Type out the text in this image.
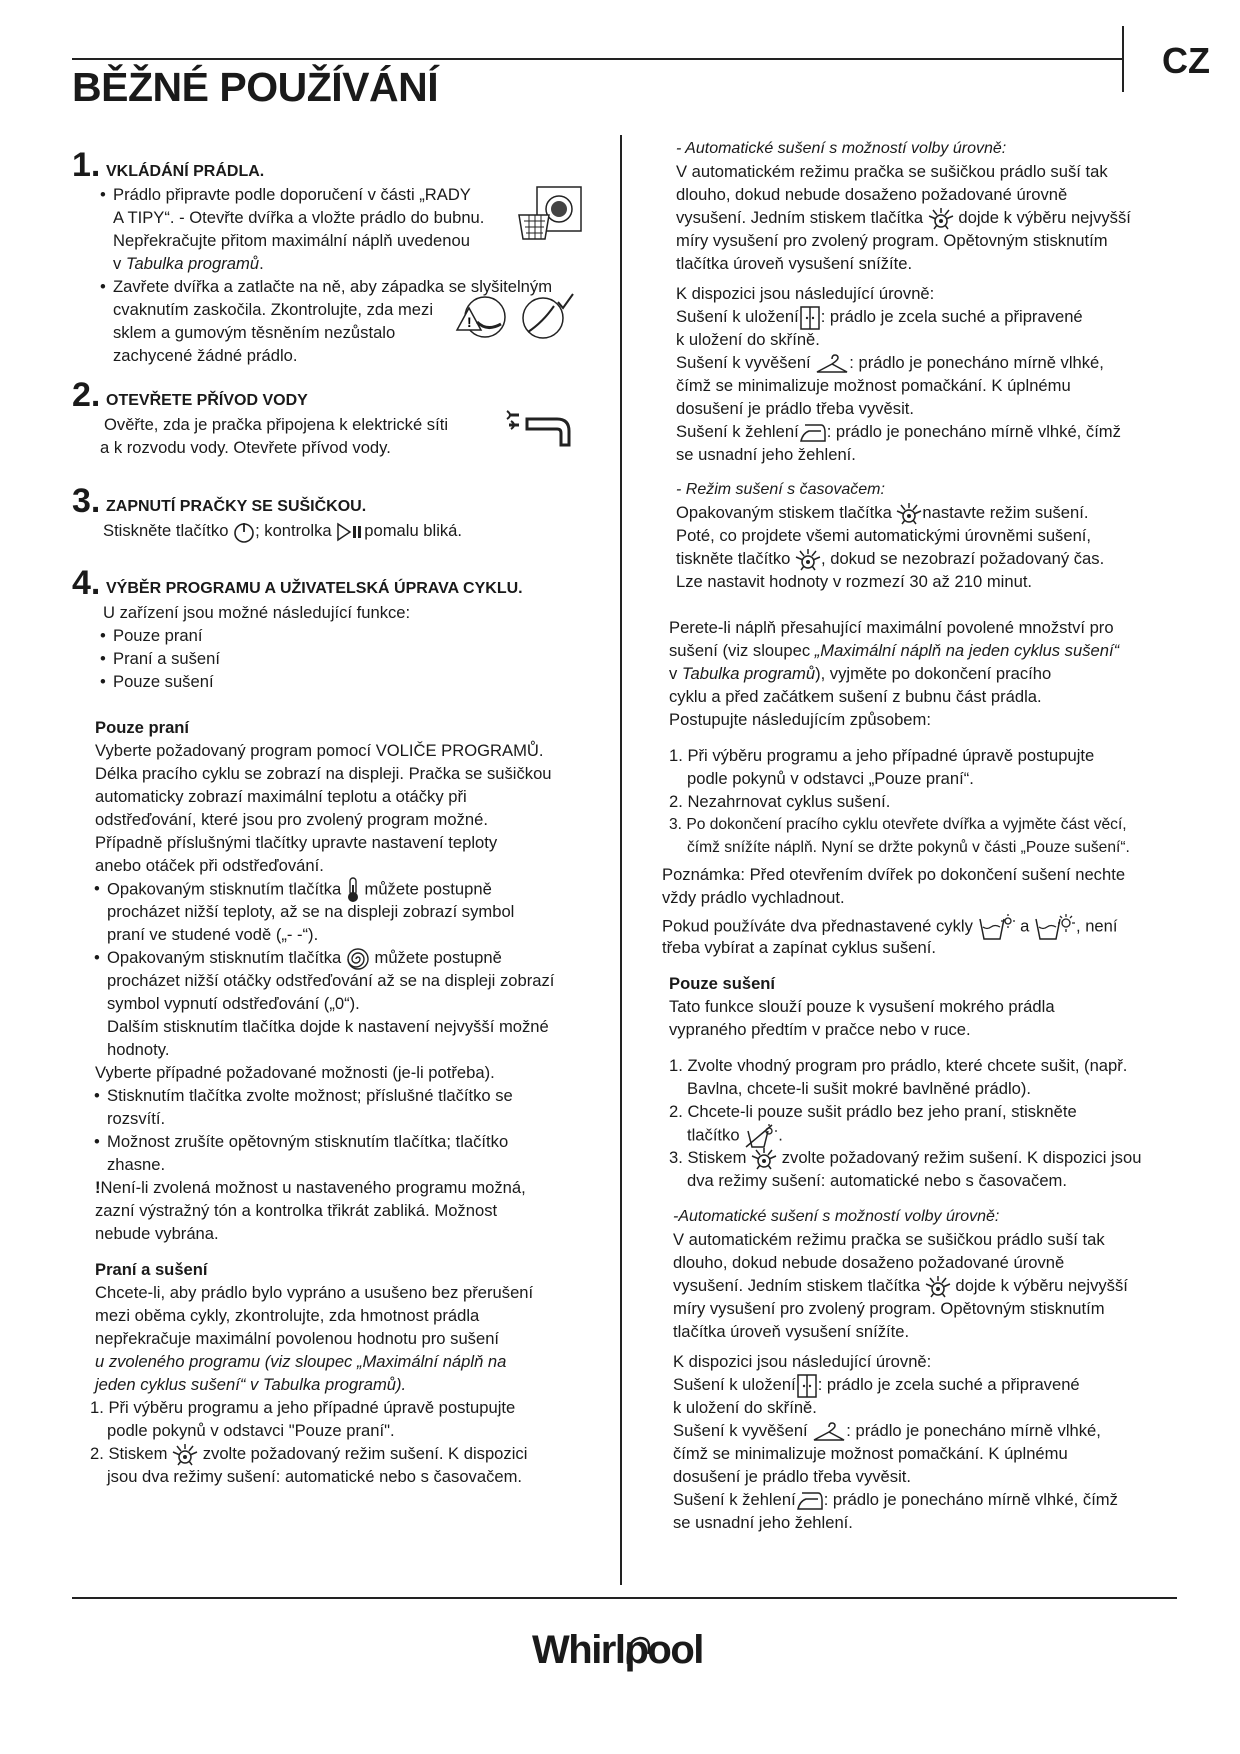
BĚŽNÉ POUŽÍVÁNÍ
CZ
1. VKLÁDÁNÍ PRÁDLA.
• Prádlo připravte podle doporučení v části „RADY
A TIPY“. - Otevřte dvířka a vložte prádlo do bubnu.
Nepřekračujte přitom maximální náplň uvedenou
v Tabulka programů.
• Zavřete dvířka a zatlačte na ně, aby západka se slyšitelným
cvaknutím zaskočila. Zkontrolujte, zda mezi
sklem a gumovým těsněním nezůstalo
zachycené žádné prádlo.
!
2. OTEVŘETE PŘÍVOD VODY
Ověřte, zda je pračka připojena k elektrické síti
a k rozvodu vody. Otevřete přívod vody.
3. ZAPNUTÍ PRAČKY SE SUŠIČKOU.
Stiskněte tlačítko ; kontrolka pomalu bliká.
4. VÝBĚR PROGRAMU A UŽIVATELSKÁ ÚPRAVA CYKLU.
U zařízení jsou možné následující funkce:
• Pouze praní
• Praní a sušení
• Pouze sušení
Pouze praní
Vyberte požadovaný program pomocí VOLIČE PROGRAMŮ.
Délka pracího cyklu se zobrazí na displeji. Pračka se sušičkou
automaticky zobrazí maximální teplotu a otáčky při
odstřeďování, které jsou pro zvolený program možné.
Případně příslušnými tlačítky upravte nastavení teploty
anebo otáček při odstřeďování.
• Opakovaným stisknutím tlačítka můžete postupně
procházet nižší teploty, až se na displeji zobrazí symbol
praní ve studené vodě („- -“).
• Opakovaným stisknutím tlačítka můžete postupně
procházet nižší otáčky odstřeďování až se na displeji zobrazí
symbol vypnutí odstřeďování („0“).
Dalším stisknutím tlačítka dojde k nastavení nejvyšší možné
hodnoty.
Vyberte případné požadované možnosti (je-li potřeba).
• Stisknutím tlačítka zvolte možnost; příslušné tlačítko se
rozsvítí.
• Možnost zrušíte opětovným stisknutím tlačítka; tlačítko
zhasne.
!Není-li zvolená možnost u nastaveného programu možná,
zazní výstražný tón a kontrolka třikrát zabliká. Možnost
nebude vybrána.
Praní a sušení
Chcete-li, aby prádlo bylo vypráno a usušeno bez přerušení
mezi oběma cykly, zkontrolujte, zda hmotnost prádla
nepřekračuje maximální povolenou hodnotu pro sušení
u zvoleného programu (viz sloupec „Maximální náplň na
jeden cyklus sušení“ v Tabulka programů).
1. Při výběru programu a jeho případné úpravě postupujte
podle pokynů v odstavci "Pouze praní".
2. Stiskem zvolte požadovaný režim sušení. K dispozici
jsou dva režimy sušení: automatické nebo s časovačem.
- Automatické sušení s možností volby úrovně:
V automatickém režimu pračka se sušičkou prádlo suší tak
dlouho, dokud nebude dosaženo požadované úrovně
vysušení. Jedním stiskem tlačítka dojde k výběru nejvyšší
míry vysušení pro zvolený program. Opětovným stisknutím
tlačítka úroveň vysušení snížíte.
K dispozici jsou následující úrovně:
Sušení k uložení : prádlo je zcela suché a připravené
k uložení do skříně.
Sušení k vyvěšení : prádlo je ponecháno mírně vlhké,
čímž se minimalizuje možnost pomačkání. K úplnému
dosušení je prádlo třeba vyvěsit.
Sušení k žehlení : prádlo je ponecháno mírně vlhké, čímž
se usnadní jeho žehlení.
- Režim sušení s časovačem:
Opakovaným stiskem tlačítka nastavte režim sušení.
Poté, co projdete všemi automatickými úrovněmi sušení,
tiskněte tlačítko , dokud se nezobrazí požadovaný čas.
Lze nastavit hodnoty v rozmezí 30 až 210 minut.
Perete-li náplň přesahující maximální povolené množství pro
sušení (viz sloupec „Maximální náplň na jeden cyklus sušení“
v Tabulka programů), vyjměte po dokončení pracího
cyklu a před začátkem sušení z bubnu část prádla.
Postupujte následujícím způsobem:
1. Při výběru programu a jeho případné úpravě postupujte
podle pokynů v odstavci „Pouze praní“.
2. Nezahrnovat cyklus sušení.
3. Po dokončení pracího cyklu otevřete dvířka a vyjměte část věcí,
čímž snížíte náplň. Nyní se držte pokynů v části „Pouze sušení“.
Poznámka: Před otevřením dvířek po dokončení sušení nechte
vždy prádlo vychladnout.
Pokud používáte dva přednastavené cykly	a	, není
třeba vybírat a zapínat cyklus sušení.
Pouze sušení
Tato funkce slouží pouze k vysušení mokrého prádla
vypraného předtím v pračce nebo v ruce.
1. Zvolte vhodný program pro prádlo, které chcete sušit, (např.
Bavlna, chcete-li sušit mokré bavlněné prádlo).
2. Chcete-li pouze sušit prádlo bez jeho praní, stiskněte
tlačítko .
3. Stiskem zvolte požadovaný režim sušení. K dispozici jsou
dva režimy sušení: automatické nebo s časovačem.
-Automatické sušení s možností volby úrovně:
V automatickém režimu pračka se sušičkou prádlo suší tak
dlouho, dokud nebude dosaženo požadované úrovně
vysušení. Jedním stiskem tlačítka dojde k výběru nejvyšší
míry vysušení pro zvolený program. Opětovným stisknutím
tlačítka úroveň vysušení snížíte.
K dispozici jsou následující úrovně:
Sušení k uložení : prádlo je zcela suché a připravené
k uložení do skříně.
Sušení k vyvěšení : prádlo je ponecháno mírně vlhké,
čímž se minimalizuje možnost pomačkání. K úplnému
dosušení je prádlo třeba vyvěsit.
Sušení k žehlení : prádlo je ponecháno mírně vlhké, čímž
se usnadní jeho žehlení.
Whirlpool
